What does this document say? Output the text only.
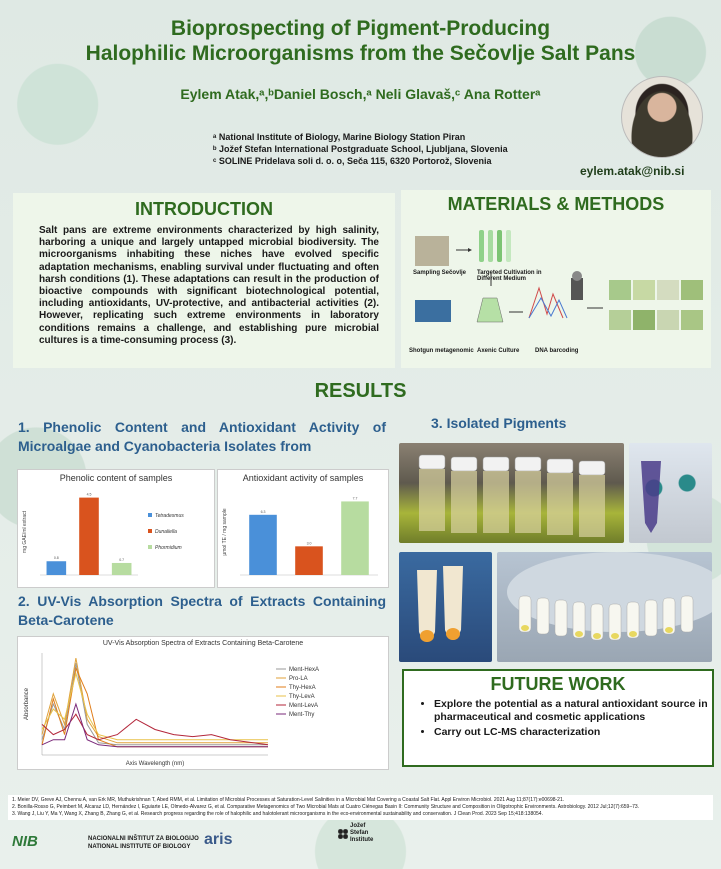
Bioprospecting of Pigment-Producing
Halophilic Microorganisms from the Sečovlje Salt Pans
Eylem Atak,ᵃ,ᵇDaniel Bosch,ᵃ Neli Glavaš,ᶜ Ana Rotterᵃ
ᵃ National Institute of Biology, Marine Biology Station Piran
ᵇ Jožef Stefan International Postgraduate School, Ljubljana, Slovenia
ᶜ SOLINE Pridelava soli d. o. o, Seča 115, 6320 Portorož, Slovenia
eylem.atak@nib.si
INTRODUCTION

Salt pans are extreme environments characterized by high salinity, harboring a unique and largely untapped microbial biodiversity. The microorganisms inhabiting these niches have evolved specific adaptation mechanisms, enabling survival under fluctuating and often harsh conditions (1). These adaptations can result in the production of bioactive compounds with significant biotechnological potential, including antioxidants, UV-protective, and antibacterial activities (2). However, replicating such extreme environments in laboratory conditions remains a challenge, and establishing pure microbial cultures is a time-consuming process (3).

MATERIALS & METHODS
Sampling Sečovlje Targeted Cultivation in Different Medium
Shotgun metagenomic Axenic Culture	DNA barcoding
RESULTS
1. Phenolic Content and Antioxidant Activity of Microalgae and Cyanobacteria Isolates from
2. UV-Vis Absorption Spectra of Extracts Containing Beta-Carotene
3. Isolated Pigments
Phenolic content of samples
mg GAE/ml extract
0.8
Tetradesmus
4.5
Dunaliella
0.7
Phormidium
Antioxidant activity of samples
µmol TE / mg sample	6.3
3.0
7.7
UV-Vis Absorption Spectra of Extracts Containing Beta-Carotene
Axis Wavelength (nm)
Absorbance
Ment-HexA
Pro-LA
Thy-HexA
Thy-LevA
Ment-LevA
Ment-Thy
FUTURE WORK
• Explore the potential as a natural antioxidant source in pharmaceutical and cosmetic applications
• Carry out LC-MS characterization
1. Meier DV, Greve AJ, Chennu A, van Erk MR, Muthukrishnan T, Abed RMM, et al. Limitation of Microbial Processes at Saturation-Level Salinities in a Microbial Mat Covering a Coastal Salt Flat. Appl Environ Microbiol. 2021 Aug 11;87(17):e00698-21.
2. Bonilla-Rosso G, Peimbert M, Alcaraz LD, Hernández I, Eguiarte LE, Olmedo-Alvarez G, et al. Comparative Metagenomics of Two Microbial Mats at Cuatro Ciénegas Basin II: Community Structure and Composition in Oligotrophic Environments. Astrobiology. 2012 Jul;12(7):659–73.
3. Wang J, Liu Y, Ma Y, Wang X, Zhang B, Zhang G, et al. Research progress regarding the role of halophilic and halotolerant microorganisms in the eco-environmental sustainability and conservation. J Clean Prod. 2023 Sep 15;418:138054.
NIB	NACIONALNI INŠTITUT ZA BIOLOGIJO
NATIONAL INSTITUTE OF BIOLOGY aris
Jožef
Stefan
Institute
